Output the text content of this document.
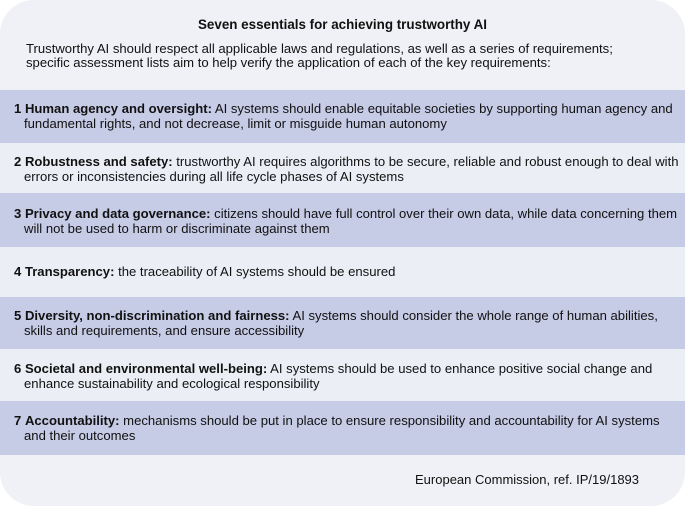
Seven essentials for achieving trustworthy AI
Trustworthy AI should respect all applicable laws and regulations, as well as a series of requirements;
specific assessment lists aim to help verify the application of each of the key requirements:
1 Human agency and oversight: AI systems should enable equitable societies by supporting human agency and
fundamental rights, and not decrease, limit or misguide human autonomy
2 Robustness and safety: trustworthy AI requires algorithms to be secure, reliable and robust enough to deal with
errors or inconsistencies during all life cycle phases of AI systems
3 Privacy and data governance: citizens should have full control over their own data, while data concerning them
will not be used to harm or discriminate against them
4 Transparency: the traceability of AI systems should be ensured
5 Diversity, non-discrimination and fairness: AI systems should consider the whole range of human abilities,
skills and requirements, and ensure accessibility
6 Societal and environmental well-being: AI systems should be used to enhance positive social change and
enhance sustainability and ecological responsibility
7 Accountability: mechanisms should be put in place to ensure responsibility and accountability for AI systems
and their outcomes
European Commission, ref. IP/19/1893
